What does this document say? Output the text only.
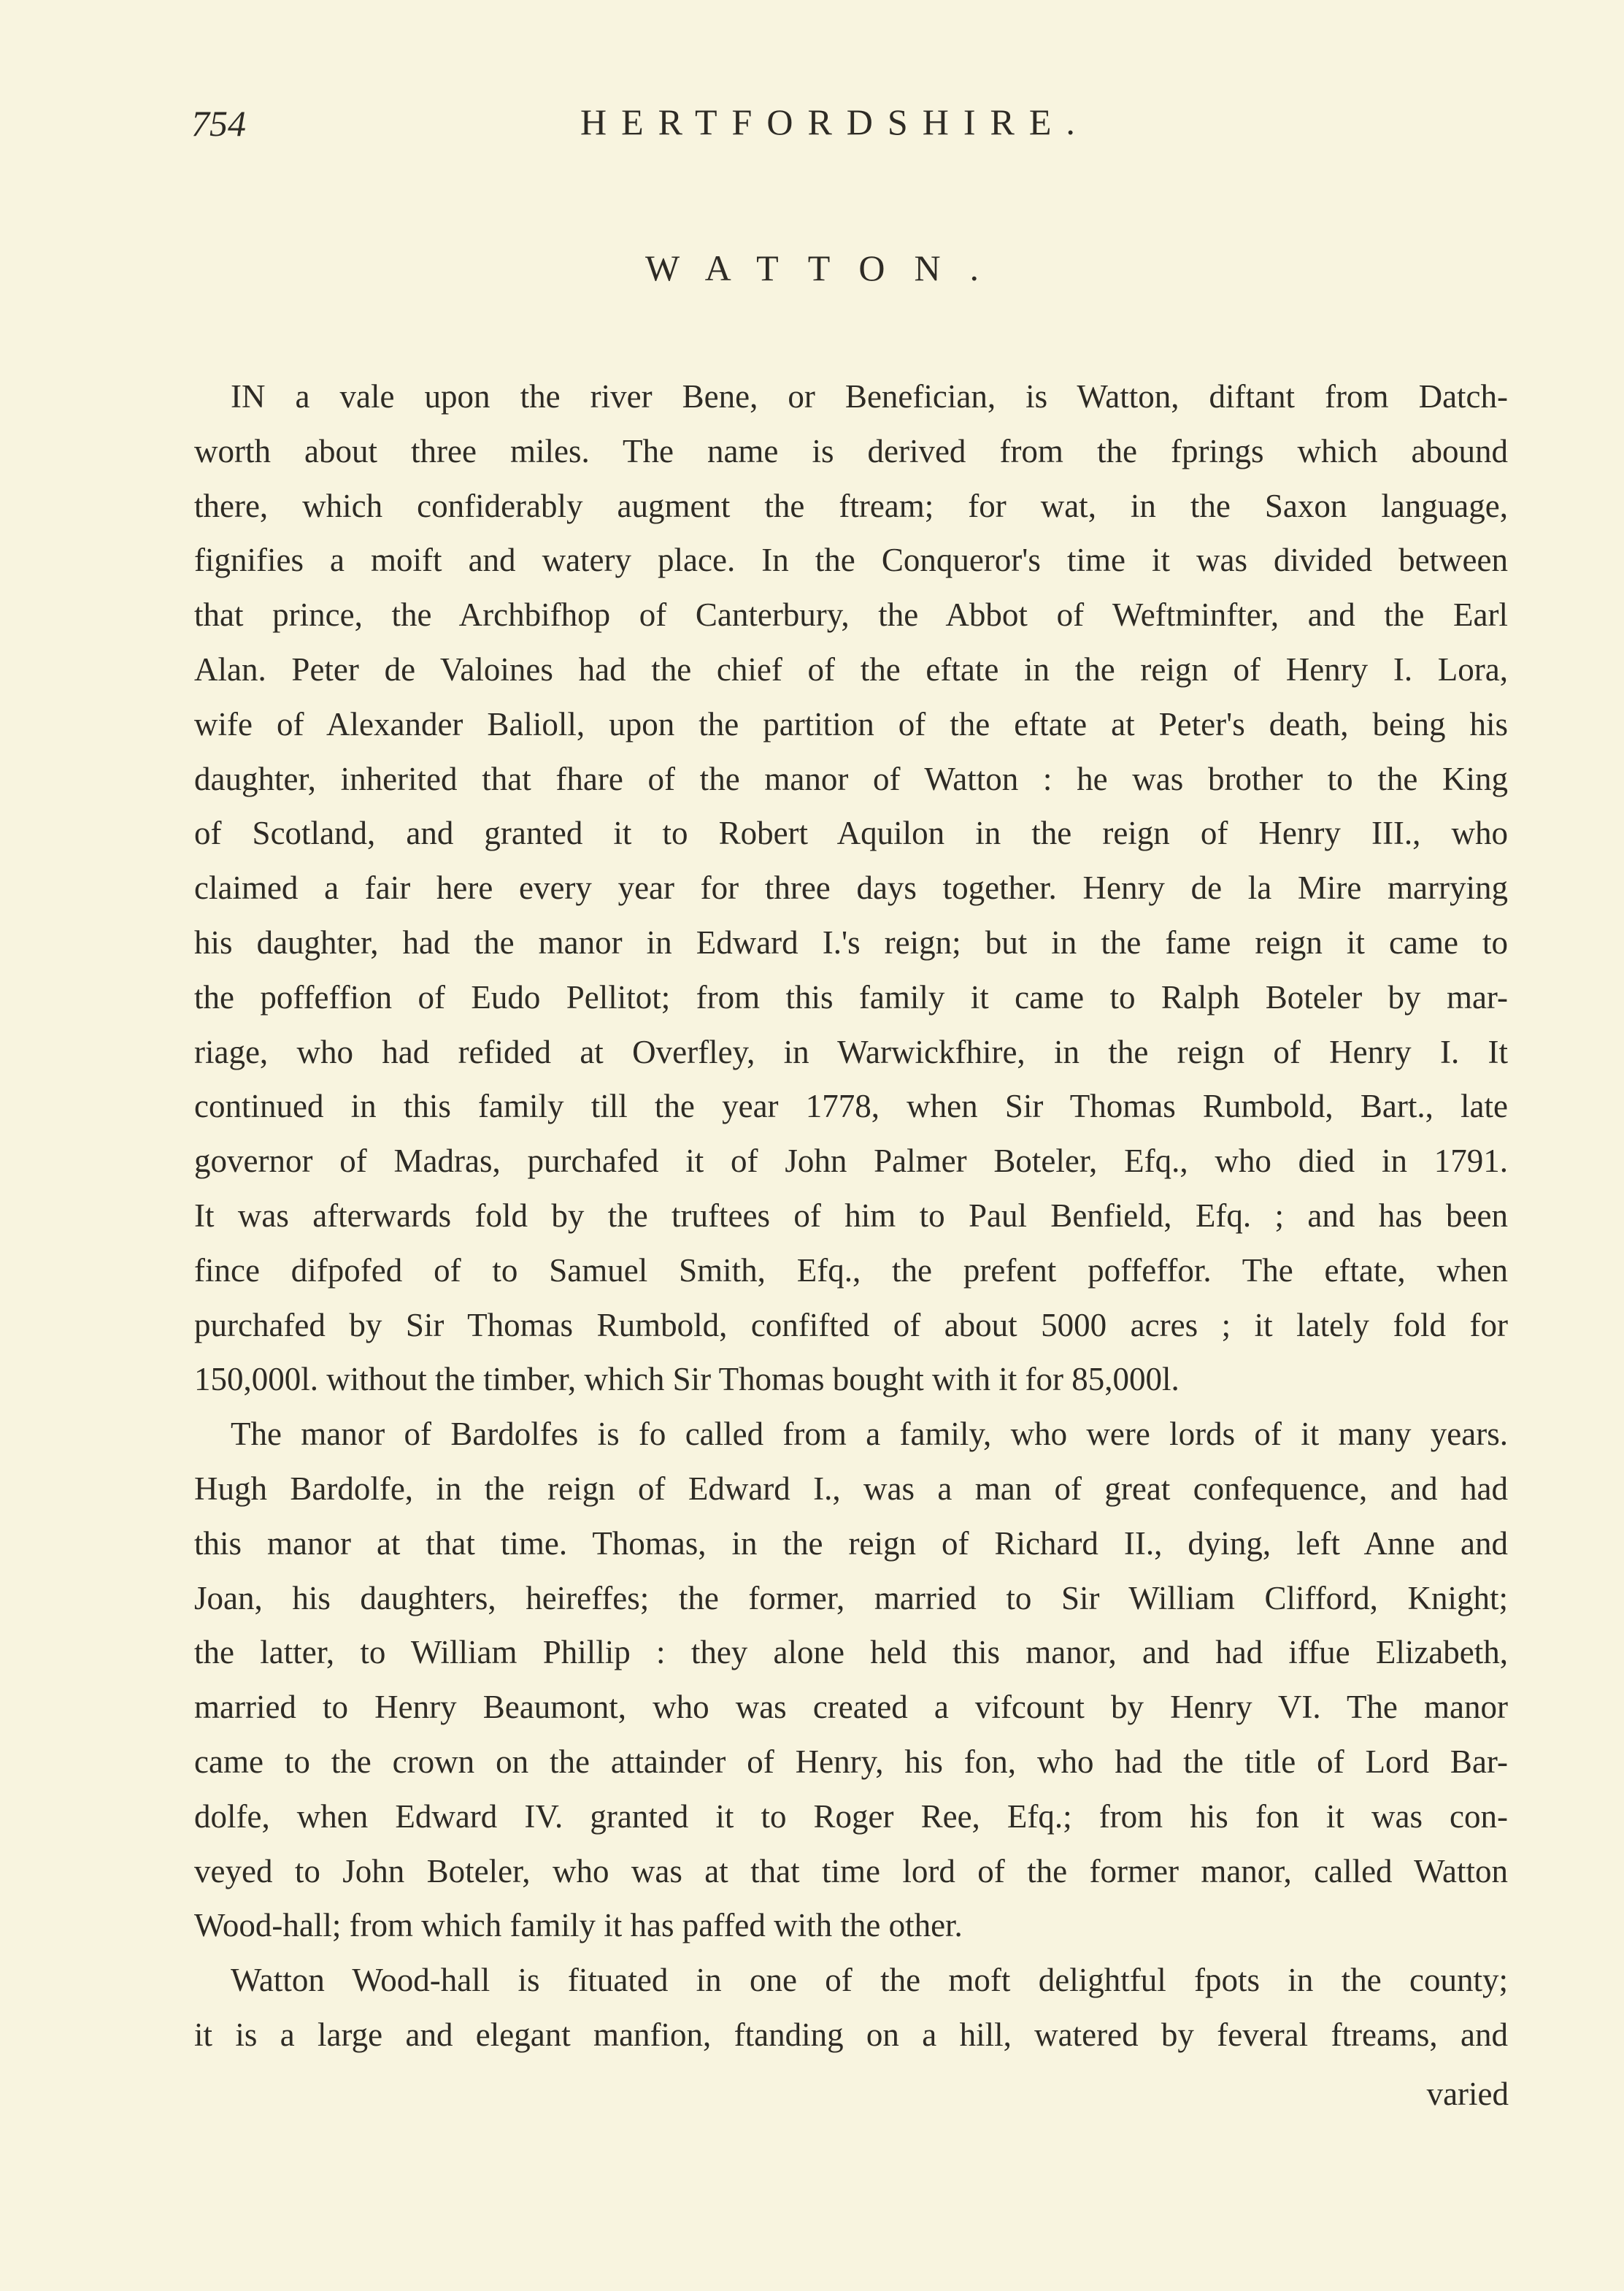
754	HERTFORDSHIRE.
WATTON.
IN a vale upon the river Bene, or Benefician, is Watton, diftant from Datch-
worth about three miles. The name is derived from the fprings which abound
there, which confiderably augment the ftream; for wat, in the Saxon language,
fignifies a moift and watery place. In the Conqueror's time it was divided between
that prince, the Archbifhop of Canterbury, the Abbot of Weftminfter, and the Earl
Alan. Peter de Valoines had the chief of the eftate in the reign of Henry I. Lora,
wife of Alexander Balioll, upon the partition of the eftate at Peter's death, being his
daughter, inherited that fhare of the manor of Watton : he was brother to the King
of Scotland, and granted it to Robert Aquilon in the reign of Henry III., who
claimed a fair here every year for three days together. Henry de la Mire marrying
his daughter, had the manor in Edward I.'s reign; but in the fame reign it came to
the poffeffion of Eudo Pellitot; from this family it came to Ralph Boteler by mar-
riage, who had refided at Overfley, in Warwickfhire, in the reign of Henry I. It
continued in this family till the year 1778, when Sir Thomas Rumbold, Bart., late
governor of Madras, purchafed it of John Palmer Boteler, Efq., who died in 1791.
It was afterwards fold by the truftees of him to Paul Benfield, Efq. ; and has been
fince difpofed of to Samuel Smith, Efq., the prefent poffeffor. The eftate, when
purchafed by Sir Thomas Rumbold, confifted of about 5000 acres ; it lately fold for
150,000l. without the timber, which Sir Thomas bought with it for 85,000l.
The manor of Bardolfes is fo called from a family, who were lords of it many years.
Hugh Bardolfe, in the reign of Edward I., was a man of great confequence, and had
this manor at that time. Thomas, in the reign of Richard II., dying, left Anne and
Joan, his daughters, heireffes; the former, married to Sir William Clifford, Knight;
the latter, to William Phillip : they alone held this manor, and had iffue Elizabeth,
married to Henry Beaumont, who was created a vifcount by Henry VI. The manor
came to the crown on the attainder of Henry, his fon, who had the title of Lord Bar-
dolfe, when Edward IV. granted it to Roger Ree, Efq.; from his fon it was con-
veyed to John Boteler, who was at that time lord of the former manor, called Watton
Wood-hall; from which family it has paffed with the other.
Watton Wood-hall is fituated in one of the moft delightful fpots in the county;
it is a large and elegant manfion, ftanding on a hill, watered by feveral ftreams, and
varied
